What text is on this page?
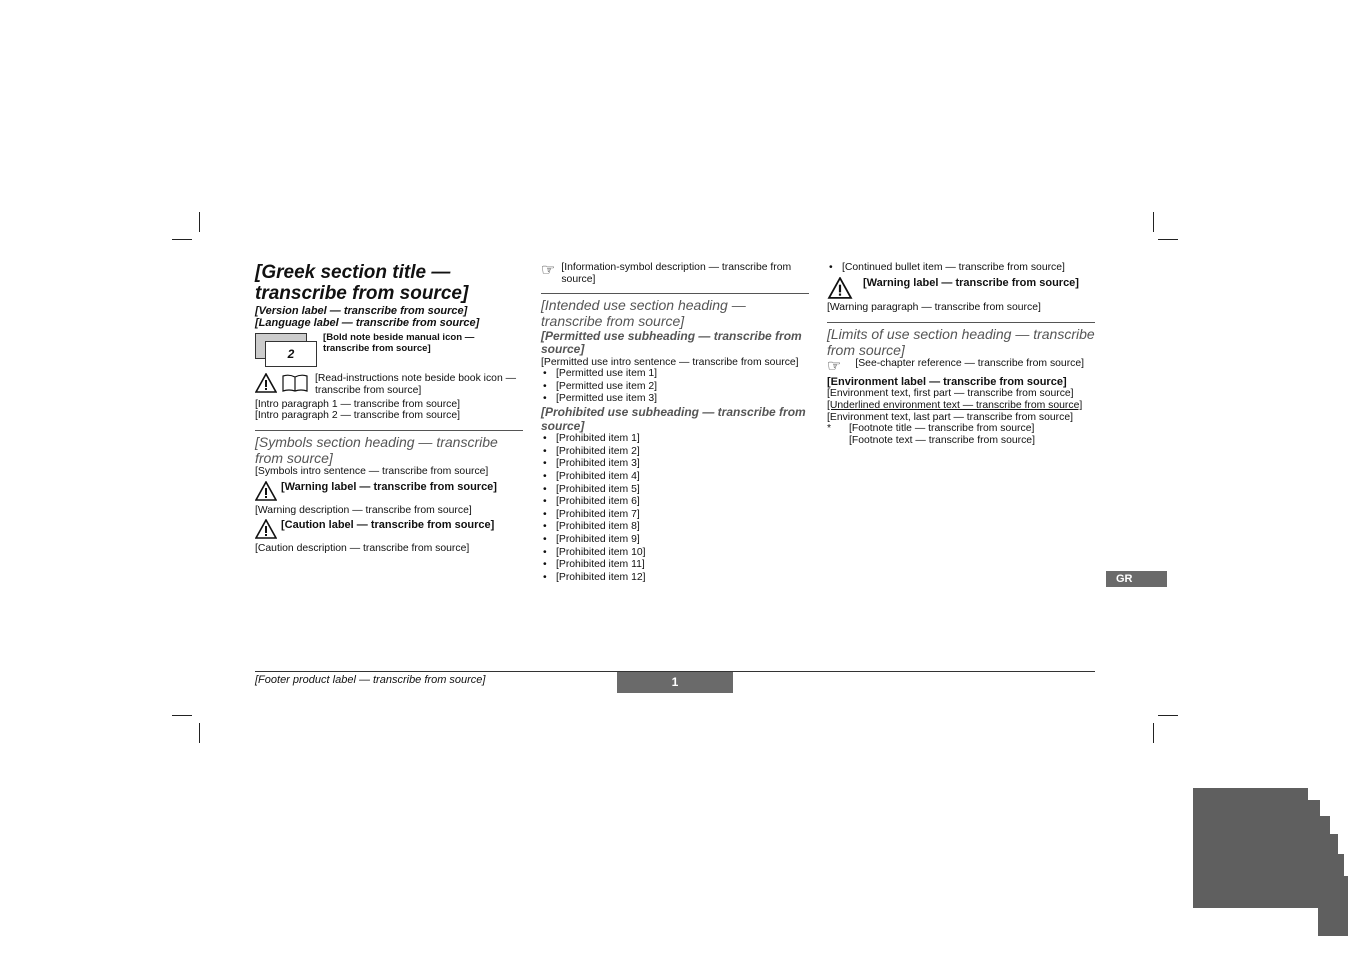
[Greek section title — transcribe from source]

[Version label — transcribe from source]

[Language label — transcribe from source]

2

[Bold note beside manual icon — transcribe from source]

[Read-instructions note beside book icon — transcribe from source]

[Intro paragraph 1 — transcribe from source]

[Intro paragraph 2 — transcribe from source]

[Symbols section heading — transcribe from source]

[Symbols intro sentence — transcribe from source]

[Warning label — transcribe from source]

[Warning description — transcribe from source]

[Caution label — transcribe from source]

[Caution description — transcribe from source]

☞ [Information-symbol description — transcribe from source]

[Intended use section heading — transcribe from source]

[Permitted use subheading — transcribe from source]

[Permitted use intro sentence — transcribe from source]

• [Permitted use item 1]
• [Permitted use item 2]
• [Permitted use item 3]

[Prohibited use subheading — transcribe from source]

• [Prohibited item 1]
• [Prohibited item 2]
• [Prohibited item 3]
• [Prohibited item 4]
• [Prohibited item 5]
• [Prohibited item 6]
• [Prohibited item 7]
• [Prohibited item 8]
• [Prohibited item 9]
• [Prohibited item 10]
• [Prohibited item 11]
• [Prohibited item 12]
• [Continued bullet item — transcribe from source]

[Warning label — transcribe from source]

[Warning paragraph — transcribe from source]

[Limits of use section heading — transcribe from source]

☞ [See-chapter reference — transcribe from source]

[Environment label — transcribe from source]

[Environment text, first part — transcribe from source] [Underlined environment text — transcribe from source] [Environment text, last part — transcribe from source]

*	[Footnote title — transcribe from source]

[Footnote text — transcribe from source]

GR
[Footer product label — transcribe from source]	1
